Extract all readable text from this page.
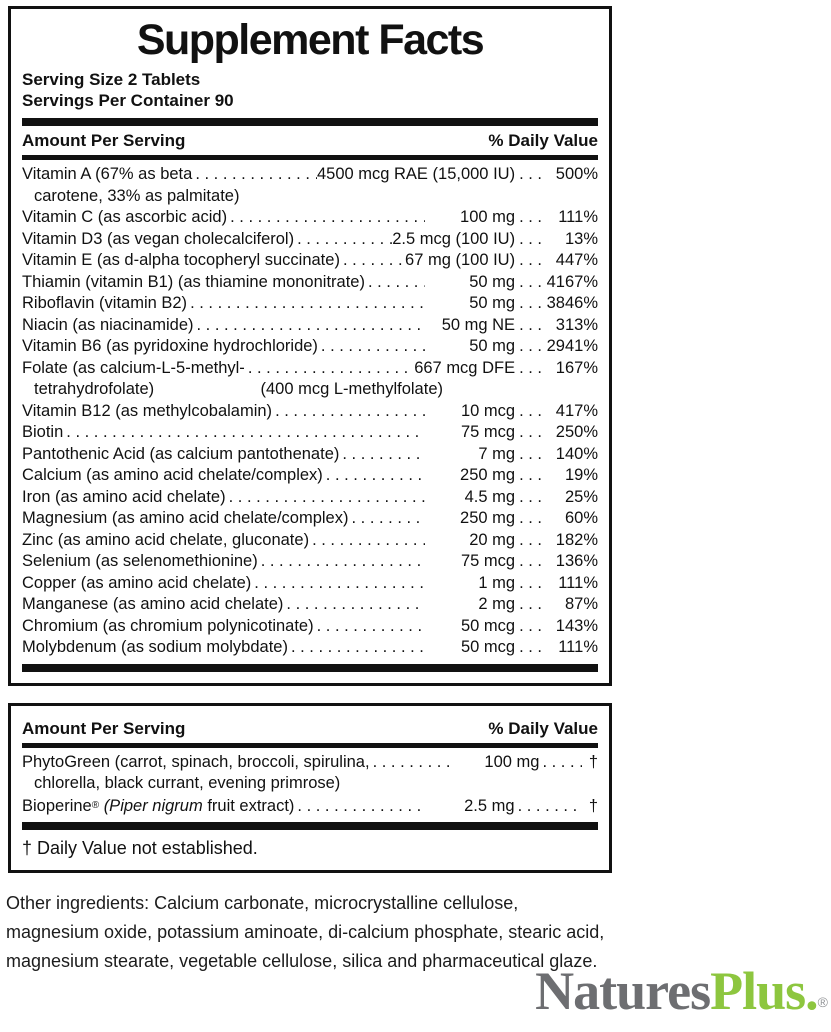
Supplement Facts
Serving Size 2 Tablets
Servings Per Container 90
Amount Per Serving	% Daily Value
Vitamin A (67% as beta . . .	4500 mcg RAE (15,000 IU) . . .	500%
carotene, 33% as palmitate)
Vitamin C (as ascorbic acid) . . .	100 mg . . .	111%
Vitamin D3 (as vegan cholecalciferol) . . .	2.5 mcg (100 IU) . . .	13%
Vitamin E (as d-alpha tocopheryl succinate) . . .	67 mg (100 IU) . . .	447%
Thiamin (vitamin B1) (as thiamine mononitrate) . . .	50 mg . . . 4167%
Riboflavin (vitamin B2) . . .	50 mg . . . 3846%
Niacin (as niacinamide) . . .	50 mg NE . . .	313%
Vitamin B6 (as pyridoxine hydrochloride) . . .	50 mg . . . 2941%
Folate (as calcium-L-5-methyl- . . .	667 mcg DFE . . .	167%
tetrahydrofolate)	(400 mcg L-methylfolate)
Vitamin B12 (as methylcobalamin) . . .	10 mcg . . .	417%
Biotin . . .	75 mcg . . .	250%
Pantothenic Acid (as calcium pantothenate) . . .	7 mg . . .	140%
Calcium (as amino acid chelate/complex) . . .	250 mg . . .	19%
Iron (as amino acid chelate) . . .	4.5 mg . . .	25%
Magnesium (as amino acid chelate/complex) . . .	250 mg . . .	60%
Zinc (as amino acid chelate, gluconate) . . .	20 mg . . .	182%
Selenium (as selenomethionine) . . .	75 mcg . . .	136%
Copper (as amino acid chelate) . . .	1 mg . . .	111%
Manganese (as amino acid chelate) . . .	2 mg . . .	87%
Chromium (as chromium polynicotinate) . . .	50 mcg . . .	143%
Molybdenum (as sodium molybdate) . . .	50 mcg . . .	111%
Amount Per Serving	% Daily Value
PhytoGreen (carrot, spinach, broccoli, spirulina, . . .	100 mg . . .	†
chlorella, black currant, evening primrose)
Bioperine® (Piper nigrum fruit extract) . . .	2.5 mg . . .	†
† Daily Value not established.
Other ingredients: Calcium carbonate, microcrystalline cellulose, magnesium oxide, potassium aminoate, di-calcium phosphate, stearic acid, magnesium stearate, vegetable cellulose, silica and pharmaceutical glaze.
NaturesPlus.®
